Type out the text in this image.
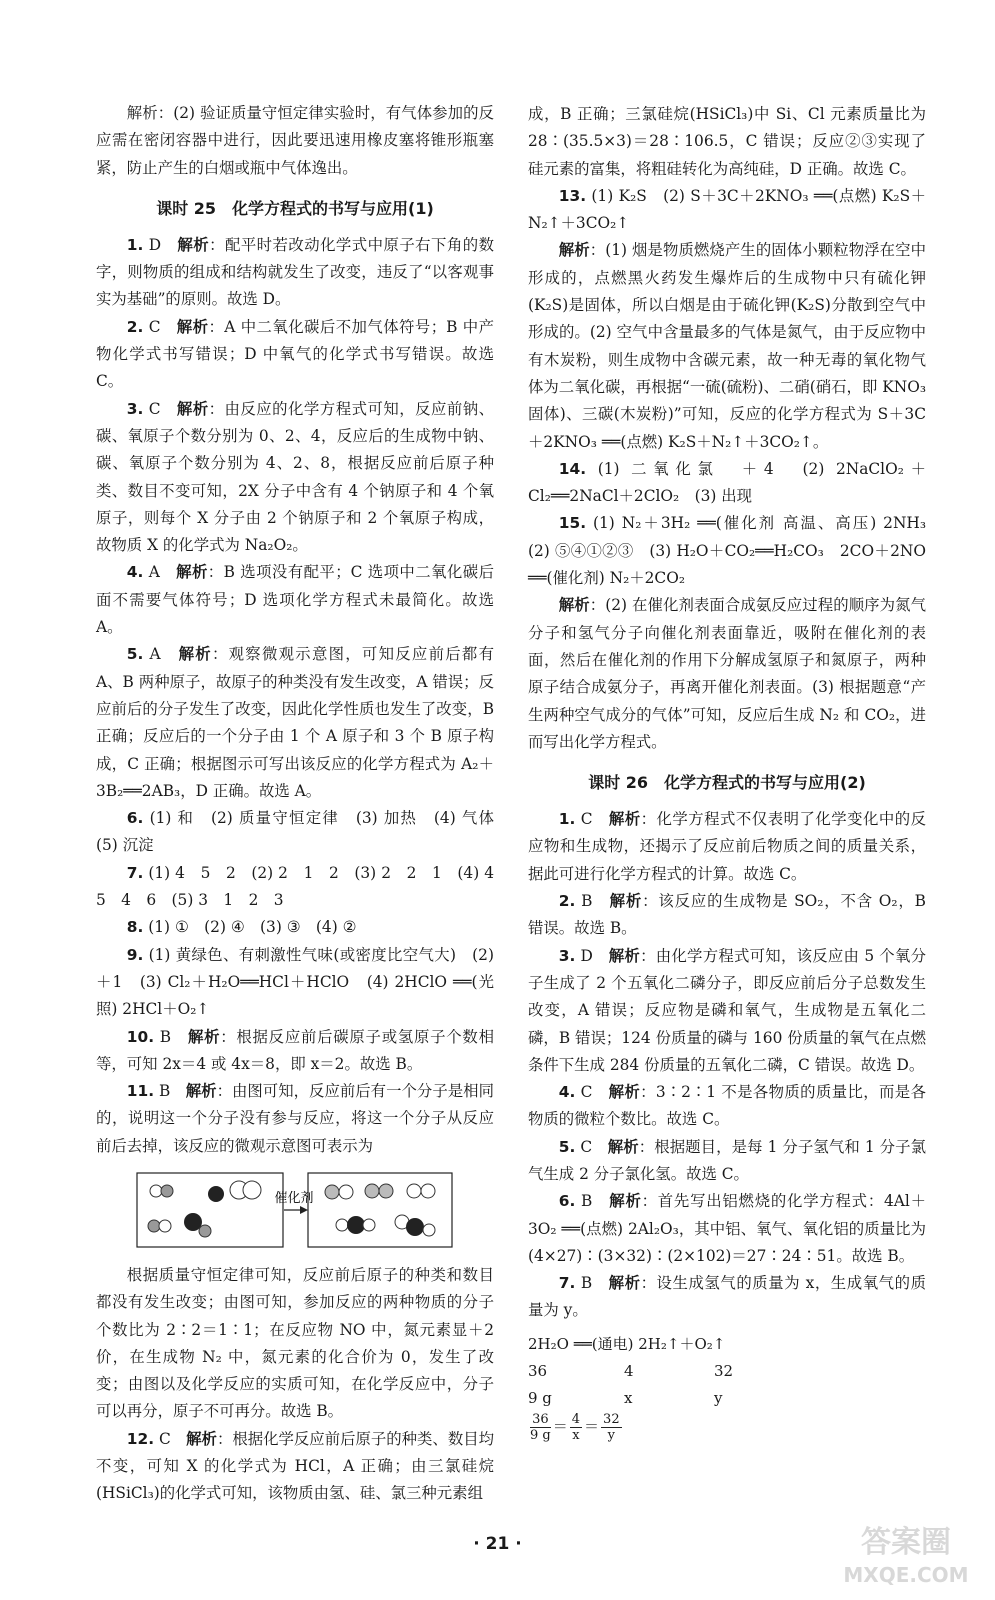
解析：(2) 验证质量守恒定律实验时，有气体参加的反应需在密闭容器中进行，因此要迅速用橡皮塞将锥形瓶塞紧，防止产生的白烟或瓶中气体逸出。

课时 25　化学方程式的书写与应用(1)

1. D　 解析：配平时若改动化学式中原子右下角的数字，则物质的组成和结构就发生了改变，违反了“以客观事实为基础”的原则。故选 D。

2. C　 解析：A 中二氧化碳后不加气体符号；B 中产物化学式书写错误；D 中氧气的化学式书写错误。故选 C。

3. C　 解析：由反应的化学方程式可知，反应前钠、碳、氧原子个数分别为 0、2、4，反应后的生成物中钠、碳、氧原子个数分别为 4、2、8，根据反应前后原子种类、数目不变可知，2X 分子中含有 4 个钠原子和 4 个氧原子，则每个 X 分子由 2 个钠原子和 2 个氧原子构成，故物质 X 的化学式为 Na₂O₂。

4. A　 解析：B 选项没有配平；C 选项中二氧化碳后面不需要气体符号；D 选项化学方程式未最简化。故选 A。

5. A　 解析：观察微观示意图，可知反应前后都有 A、B 两种原子，故原子的种类没有发生改变，A 错误；反应前后的分子发生了改变，因此化学性质也发生了改变，B 正确；反应后的一个分子由 1 个 A 原子和 3 个 B 原子构成，C 正确；根据图示可写出该反应的化学方程式为 A₂＋3B₂══2AB₃，D 正确。故选 A。

6. (1) 和　(2) 质量守恒定律　(3) 加热　(4) 气体　(5) 沉淀

7. (1) 4　5　2　(2) 2　1　2　(3) 2　2　1　(4) 4　5　4　6　(5) 3　1　2　3

8. (1) ①　(2) ④　(3) ③　(4) ②

9. (1) 黄绿色、有刺激性气味(或密度比空气大)　(2) ＋1　(3) Cl₂＋H₂O══HCl＋HClO　(4) 2HClO ══(光照) 2HCl＋O₂↑

10. B　 解析：根据反应前后碳原子或氢原子个数相等，可知 2x＝4 或 4x＝8，即 x＝2。故选 B。

11. B　 解析：由图可知，反应前后有一个分子是相同的，说明这一个分子没有参与反应，将这一个分子从反应前后去掉，该反应的微观示意图可表示为

催化剂

根据质量守恒定律可知，反应前后原子的种类和数目都没有发生改变；由图可知，参加反应的两种物质的分子个数比为 2∶2＝1∶1；在反应物 NO 中，氮元素显＋2 价，在生成物 N₂ 中，氮元素的化合价为 0，发生了改变；由图以及化学反应的实质可知，在化学反应中，分子可以再分，原子不可再分。故选 B。

12. C　 解析：根据化学反应前后原子的种类、数目均不变，可知 X 的化学式为 HCl，A 正确；由三氯硅烷(HSiCl₃)的化学式可知，该物质由氢、硅、氯三种元素组

成，B 正确；三氯硅烷(HSiCl₃)中 Si、Cl 元素质量比为 28∶(35.5×3)＝28∶106.5，C 错误；反应②③实现了硅元素的富集，将粗硅转化为高纯硅，D 正确。故选 C。

13. (1) K₂S　(2) S＋3C＋2KNO₃ ══(点燃) K₂S＋N₂↑＋3CO₂↑

解析：(1) 烟是物质燃烧产生的固体小颗粒物浮在空中形成的，点燃黑火药发生爆炸后的生成物中只有硫化钾(K₂S)是固体，所以白烟是由于硫化钾(K₂S)分散到空气中形成的。(2) 空气中含量最多的气体是氮气，由于反应物中有木炭粉，则生成物中含碳元素，故一种无毒的氧化物气体为二氧化碳，再根据“一硫(硫粉)、二硝(硝石，即 KNO₃ 固体)、三碳(木炭粉)”可知，反应的化学方程式为 S＋3C＋2KNO₃ ══(点燃) K₂S＋N₂↑＋3CO₂↑。

14. (1) 二氧化氯　＋4　(2) 2NaClO₂＋Cl₂══2NaCl＋2ClO₂　(3) 出现

15. (1) N₂＋3H₂ ══(催化剂 高温、高压) 2NH₃　(2) ⑤④①②③　(3) H₂O＋CO₂══H₂CO₃　2CO＋2NO ══(催化剂) N₂＋2CO₂

解析：(2) 在催化剂表面合成氨反应过程的顺序为氮气分子和氢气分子向催化剂表面靠近，吸附在催化剂的表面，然后在催化剂的作用下分解成氢原子和氮原子，两种原子结合成氨分子，再离开催化剂表面。(3) 根据题意“产生两种空气成分的气体”可知，反应后生成 N₂ 和 CO₂，进而写出化学方程式。

课时 26　化学方程式的书写与应用(2)

1. C　 解析：化学方程式不仅表明了化学变化中的反应物和生成物，还揭示了反应前后物质之间的质量关系，据此可进行化学方程式的计算。故选 C。

2. B　 解析：该反应的生成物是 SO₂，不含 O₂，B 错误。故选 B。

3. D　 解析：由化学方程式可知，该反应由 5 个氧分子生成了 2 个五氧化二磷分子，即反应前后分子总数发生改变，A 错误；反应物是磷和氧气，生成物是五氧化二磷，B 错误；124 份质量的磷与 160 份质量的氧气在点燃条件下生成 284 份质量的五氧化二磷，C 错误。故选 D。

4. C　 解析：3∶2∶1 不是各物质的质量比，而是各物质的微粒个数比。故选 C。

5. C　 解析：根据题目，是每 1 分子氢气和 1 分子氯气生成 2 分子氯化氢。故选 C。

6. B　 解析：首先写出铝燃烧的化学方程式：4Al＋3O₂ ══(点燃) 2Al₂O₃，其中铝、氧气、氧化铝的质量比为(4×27)∶(3×32)∶(2×102)＝27∶24∶51。故选 B。

7. B　 解析：设生成氢气的质量为 x，生成氧气的质量为 y。

2H₂O ══(通电) 2H₂↑＋O₂↑
36	4	32
9 g	x	y
$\frac{36}{9 g} = \frac{4}{x} = \frac{32}{y}$
· 21 ·	答案圈
MXQE.COM
